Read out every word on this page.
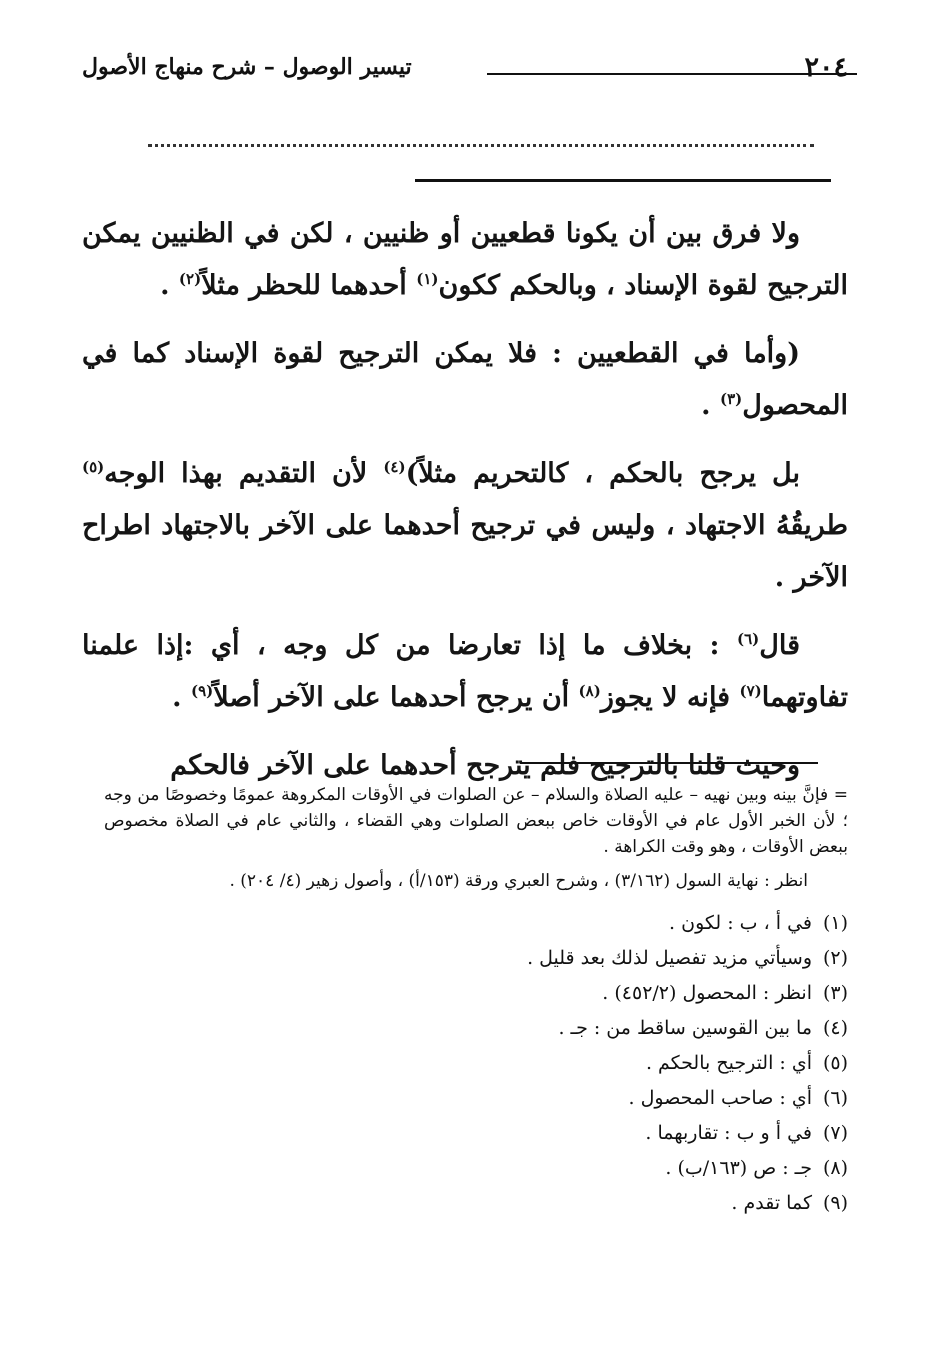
٢٠٤
تيسير الوصول – شرح منهاج الأصول

ولا فرق بين أن يكونا قطعيين أو ظنيين ، لكن في الظنيين يمكن الترجيح لقوة الإسناد ، وبالحكم ككون$^{(١)}$ أحدهما للحظر مثلاً$^{(٢)}$ .

(وأما في القطعيين : فلا يمكن الترجيح لقوة الإسناد كما في المحصول$^{(٣)}$ .

بل يرجح بالحكم ، كالتحريم مثلاً)$^{(٤)}$ لأن التقديم بهذا الوجه$^{(٥)}$ طريقُهُ الاجتهاد ، وليس في ترجيح أحدهما على الآخر بالاجتهاد اطراح الآخر .

قال$^{(٦)}$ : بخلاف ما إذا تعارضا من كل وجه ، أي :إذا علمنا تفاوتهما$^{(٧)}$ فإنه لا يجوز$^{(٨)}$ أن يرجح أحدهما على الآخر أصلاً$^{(٩)}$ .

وحيث قلنا بالترجيح فلم يترجح أحدهما على الآخر فالحكم

= فإنَّ بينه وبين نهيه – عليه الصلاة والسلام – عن الصلوات في الأوقات المكروهة عمومًا وخصوصًا من وجه ؛ لأن الخبر الأول عام في الأوقات خاص ببعض الصلوات وهي القضاء ، والثاني عام في الصلاة مخصوص ببعض الأوقات ، وهو وقت الكراهة .

انظر : نهاية السول (٣/١٦٢) ، وشرح العبري ورقة (١٥٣/أ) ، وأصول زهير (٤/ ٢٠٤) .

(١)في أ ، ب : لكون .
(٢)وسيأتي مزيد تفصيل لذلك بعد قليل .
(٣)انظر : المحصول (٤٥٢/٢) .
(٤)ما بين القوسين ساقط من : جـ .
(٥)أي : الترجيح بالحكم .
(٦)أي : صاحب المحصول .
(٧)في أ و ب : تقاربهما .
(٨)جـ : ص (١٦٣/ب) .
(٩)كما تقدم .
